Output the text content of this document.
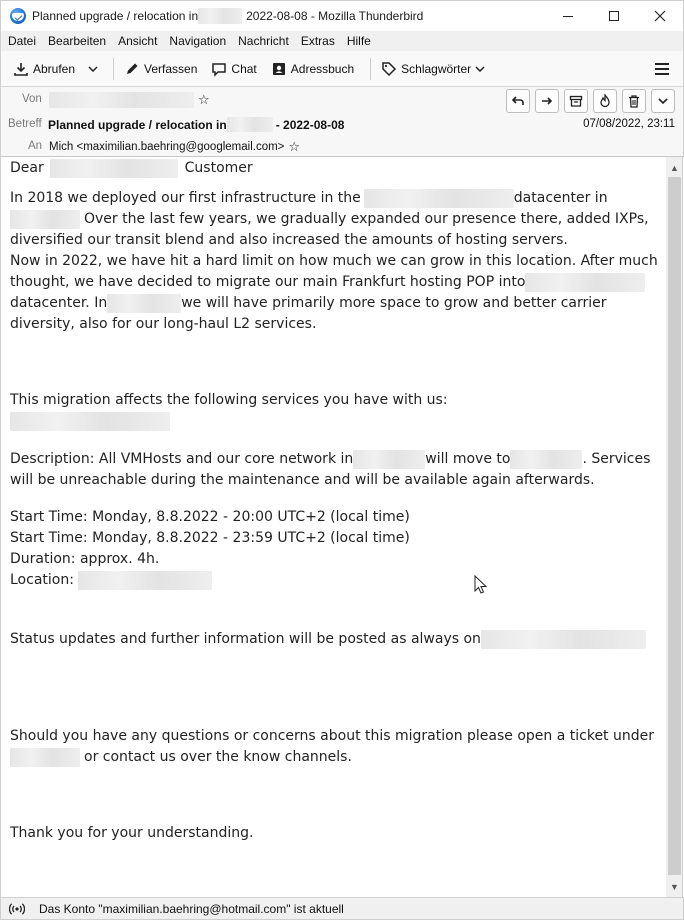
Planned upgrade / relocation in	2022-08-08 - Mozilla Thunderbird
Datei Bearbeiten Ansicht Navigation Nachricht Extras Hilfe
Abrufen	Verfassen	Chat	Adressbuch	Schlagwörter
Von	☆
Betreff Planned upgrade / relocation in	- 2022-08-08	07/08/2022, 23:11
An Mich <maximilian.baehring@googlemail.com> ☆

Dear	Customer

In 2018 we deployed our first infrastructure in the	datacenter in
Over the last few years, we gradually expanded our presence there, added IXPs,
diversified our transit blend and also increased the amounts of hosting servers.
Now in 2022, we have hit a hard limit on how much we can grow in this location. After much
thought, we have decided to migrate our main Frankfurt hosting POP into
datacenter. In	we will have primarily more space to grow and better carrier
diversity, also for our long-haul L2 services.

This migration affects the following services you have with us:

Description: All VMHosts and our core network in	will move to	. Services
will be unreachable during the maintenance and will be available again afterwards.

Start Time: Monday, 8.8.2022 - 20:00 UTC+2 (local time)

Start Time: Monday, 8.8.2022 - 23:59 UTC+2 (local time)

Duration: approx. 4h.

Location:

Status updates and further information will be posted as always on

Should you have any questions or concerns about this migration please open a ticket under
or contact us over the know channels.

Thank you for your understanding.

▲
▼
Das Konto "maximilian.baehring@hotmail.com" ist aktuell
